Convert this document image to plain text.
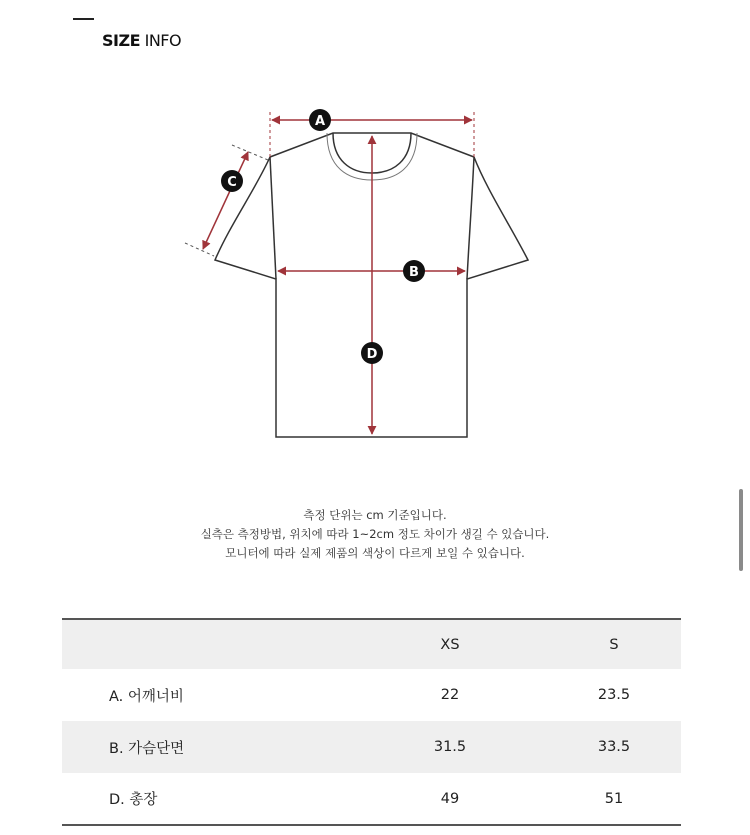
SIZE INFO
A
B
C
D
측정 단위는 cm 기준입니다.
실측은 측정방법, 위치에 따라 1~2cm 정도 차이가 생길 수 있습니다.
모니터에 따라 실제 제품의 색상이 다르게 보일 수 있습니다.
	XS	S
A. 어깨너비	22	23.5
B. 가슴단면	31.5	33.5
D. 총장	49	51
